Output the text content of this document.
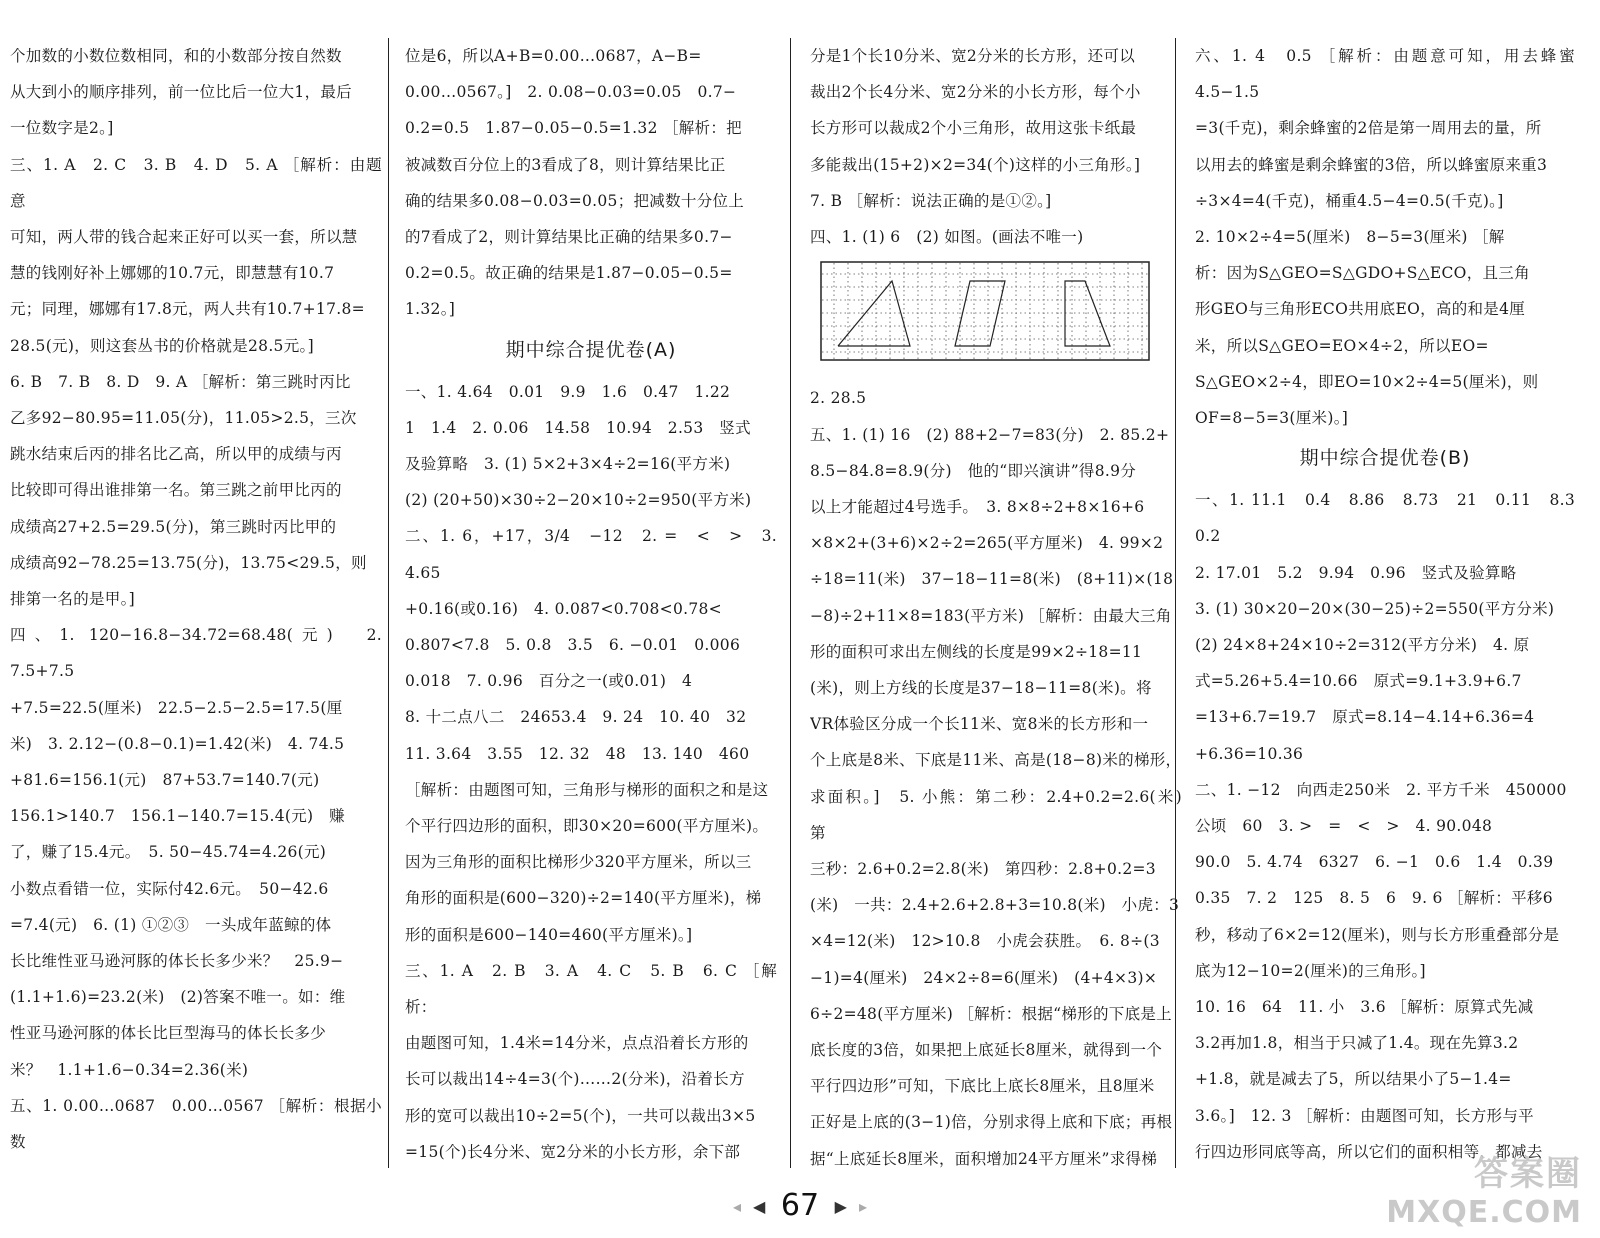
个加数的小数位数相同，和的小数部分按自然数

从大到小的顺序排列，前一位比后一位大1，最后

一位数字是2。]

三、1. A　2. C　3. B　4. D　5. A ［解析：由题意

可知，两人带的钱合起来正好可以买一套，所以慧

慧的钱刚好补上娜娜的10.7元，即慧慧有10.7

元；同理，娜娜有17.8元，两人共有10.7+17.8=

28.5(元)，则这套丛书的价格就是28.5元。]

6. B　7. B　8. D　9. A ［解析：第三跳时丙比

乙多92−80.95=11.05(分)，11.05>2.5，三次

跳水结束后丙的排名比乙高，所以甲的成绩与丙

比较即可得出谁排第一名。第三跳之前甲比丙的

成绩高27+2.5=29.5(分)，第三跳时丙比甲的

成绩高92−78.25=13.75(分)，13.75<29.5，则

排第一名的是甲。]

四、1. 120−16.8−34.72=68.48(元)　2. 7.5+7.5

+7.5=22.5(厘米)　22.5−2.5−2.5=17.5(厘

米)　3. 2.12−(0.8−0.1)=1.42(米)　4. 74.5

+81.6=156.1(元)　87+53.7=140.7(元)

156.1>140.7　156.1−140.7=15.4(元)　赚

了，赚了15.4元。　5. 50−45.74=4.26(元)

小数点看错一位，实际付42.6元。　50−42.6

=7.4(元)　6. (1) ①②③　一头成年蓝鲸的体

长比维性亚马逊河豚的体长长多少米？　25.9−

(1.1+1.6)=23.2(米)　(2)答案不唯一。如：维

性亚马逊河豚的体长比巨型海马的体长长多少

米？　1.1+1.6−0.34=2.36(米)

五、1. 0.00…0687　0.00…0567 ［解析：根据小数

位是6，所以A+B=0.00…0687，A−B=

0.00…0567。]　2. 0.08−0.03=0.05　0.7−

0.2=0.5　1.87−0.05−0.5=1.32 ［解析：把

被减数百分位上的3看成了8，则计算结果比正

确的结果多0.08−0.03=0.05；把减数十分位上

的7看成了2，则计算结果比正确的结果多0.7−

0.2=0.5。故正确的结果是1.87−0.05−0.5=

1.32。]

期中综合提优卷(A)

一、1. 4.64　0.01　9.9　1.6　0.47　1.22

1　1.4　2. 0.06　14.58　10.94　2.53　竖式

及验算略　3. (1) 5×2+3×4÷2=16(平方米)

(2) (20+50)×30÷2−20×10÷2=950(平方米)

二、1. 6，+17，3/4　−12　2. =　<　>　3. 4.65

+0.16(或0.16)　4. 0.087<0.708<0.78<

0.807<7.8　5. 0.8　3.5　6. −0.01　0.006

0.018　7. 0.96　百分之一(或0.01)　4

8. 十二点八二　24653.4　9. 24　10. 40　32

11. 3.64　3.55　12. 32　48　13. 140　460

［解析：由题图可知，三角形与梯形的面积之和是这

个平行四边形的面积，即30×20=600(平方厘米)。

因为三角形的面积比梯形少320平方厘米，所以三

角形的面积是(600−320)÷2=140(平方厘米)，梯

形的面积是600−140=460(平方厘米)。]

三、1. A　2. B　3. A　4. C　5. B　6. C ［解析：

由题图可知，1.4米=14分米，点点沿着长方形的

长可以裁出14÷4=3(个)……2(分米)，沿着长方

形的宽可以裁出10÷2=5(个)，一共可以裁出3×5

=15(个)长4分米、宽2分米的小长方形，余下部

分是1个长10分米、宽2分米的长方形，还可以

裁出2个长4分米、宽2分米的小长方形，每个小

长方形可以裁成2个小三角形，故用这张卡纸最

多能裁出(15+2)×2=34(个)这样的小三角形。]

7. B ［解析：说法正确的是①②。]

四、1. (1) 6　(2) 如图。(画法不唯一)

2. 28.5

五、1. (1) 16　(2) 88+2−7=83(分)　2. 85.2+

8.5−84.8=8.9(分)　他的“即兴演讲”得8.9分

以上才能超过4号选手。　3. 8×8÷2+8×16+6

×8×2+(3+6)×2÷2=265(平方厘米)　4. 99×2

÷18=11(米)　37−18−11=8(米)　(8+11)×(18

−8)÷2+11×8=183(平方米) ［解析：由最大三角

形的面积可求出左侧线的长度是99×2÷18=11

(米)，则上方线的长度是37−18−11=8(米)。将

VR体验区分成一个长11米、宽8米的长方形和一

个上底是8米、下底是11米、高是(18−8)米的梯形，

求面积。]　5. 小熊：第二秒：2.4+0.2=2.6(米)　第

三秒：2.6+0.2=2.8(米)　第四秒：2.8+0.2=3

(米)　一共：2.4+2.6+2.8+3=10.8(米)　小虎：3

×4=12(米)　12>10.8　小虎会获胜。　6. 8÷(3

−1)=4(厘米)　24×2÷8=6(厘米)　(4+4×3)×

6÷2=48(平方厘米) ［解析：根据“梯形的下底是上

底长度的3倍，如果把上底延长8厘米，就得到一个

平行四边形”可知，下底比上底长8厘米，且8厘米

正好是上底的(3−1)倍，分别求得上底和下底；再根

据“上底延长8厘米，面积增加24平方厘米”求得梯

六、1. 4　0.5 ［解析：由题意可知，用去蜂蜜4.5−1.5

=3(千克)，剩余蜂蜜的2倍是第一周用去的量，所

以用去的蜂蜜是剩余蜂蜜的3倍，所以蜂蜜原来重3

÷3×4=4(千克)，桶重4.5−4=0.5(千克)。]

2. 10×2÷4=5(厘米)　8−5=3(厘米) ［解

析：因为S△GEO=S△GDO+S△ECO，且三角

形GEO与三角形ECO共用底EO，高的和是4厘

米，所以S△GEO=EO×4÷2，所以EO=

S△GEO×2÷4，即EO=10×2÷4=5(厘米)，则

OF=8−5=3(厘米)。]

期中综合提优卷(B)

一、1. 11.1　0.4　8.86　8.73　21　0.11　8.3　0.2

2. 17.01　5.2　9.94　0.96　竖式及验算略

3. (1) 30×20−20×(30−25)÷2=550(平方分米)

(2) 24×8+24×10÷2=312(平方分米)　4. 原

式=5.26+5.4=10.66　原式=9.1+3.9+6.7

=13+6.7=19.7　原式=8.14−4.14+6.36=4

+6.36=10.36

二、1. −12　向西走250米　2. 平方千米　450000

公顷　60　3. >　=　<　>　4. 90.048

90.0　5. 4.74　6327　6. −1　0.6　1.4　0.39

0.35　7. 2　125　8. 5　6　9. 6 ［解析：平移6

秒，移动了6×2=12(厘米)，则与长方形重叠部分是

底为12−10=2(厘米)的三角形。]

10. 16　64　11. 小　3.6 ［解析：原算式先减

3.2再加1.8，相当于只减了1.4。现在先算3.2

+1.8，就是减去了5，所以结果小了5−1.4=

3.6。]　12. 3 ［解析：由题图可知，长方形与平

行四边形同底等高，所以它们的面积相等，都减去

◂ ◀ 67 ▶ ▸
答案圈
MXQE.COM
